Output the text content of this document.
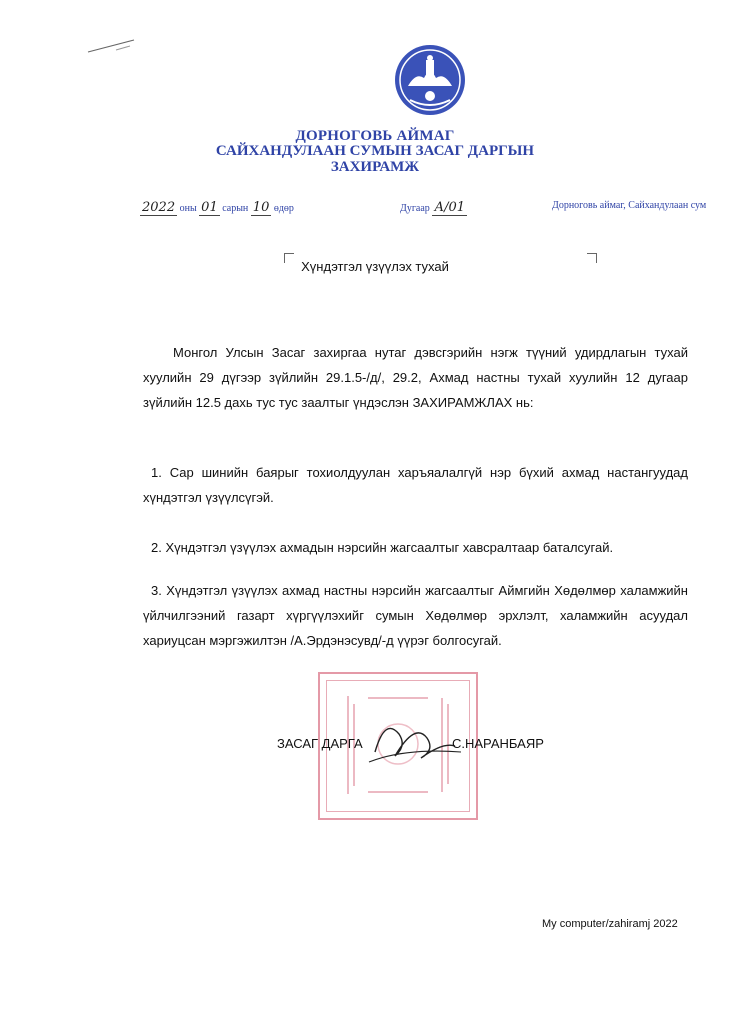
ДОРНОГОВЬ АЙМАГ
САЙХАНДУЛААН СУМЫН ЗАСАГ ДАРГЫН
ЗАХИРАМЖ
2022 оны 01 сарын 10 өдөр	Дугаар А/01	Дорноговь аймаг, Сайхандулаан сум
Хүндэтгэл үзүүлэх тухай
Монгол Улсын Засаг захиргаа нутаг дэвсгэрийн нэгж түүний удирдлагын тухай хуулийн 29 дүгээр зүйлийн 29.1.5-/д/, 29.2, Ахмад настны тухай хуулийн 12 дугаар зүйлийн 12.5 дахь тус тус заалтыг үндэслэн ЗАХИРАМЖЛАХ нь:
1. Сар шинийн баярыг тохиолдуулан харъяалалгүй нэр бүхий ахмад настангуудад хүндэтгэл үзүүлсүгэй.
2. Хүндэтгэл үзүүлэх ахмадын нэрсийн жагсаалтыг хавсралтаар баталсугай.
3. Хүндэтгэл үзүүлэх ахмад настны нэрсийн жагсаалтыг Аймгийн Хөдөлмөр халамжийн үйлчилгээний газарт хүргүүлэхийг сумын Хөдөлмөр эрхлэлт, халамжийн асуудал хариуцсан мэргэжилтэн /А.Эрдэнэсувд/-д үүрэг болгосугай.
ЗАСАГ ДАРГА	С.НАРАНБАЯР
My computer/zahiramj 2022
